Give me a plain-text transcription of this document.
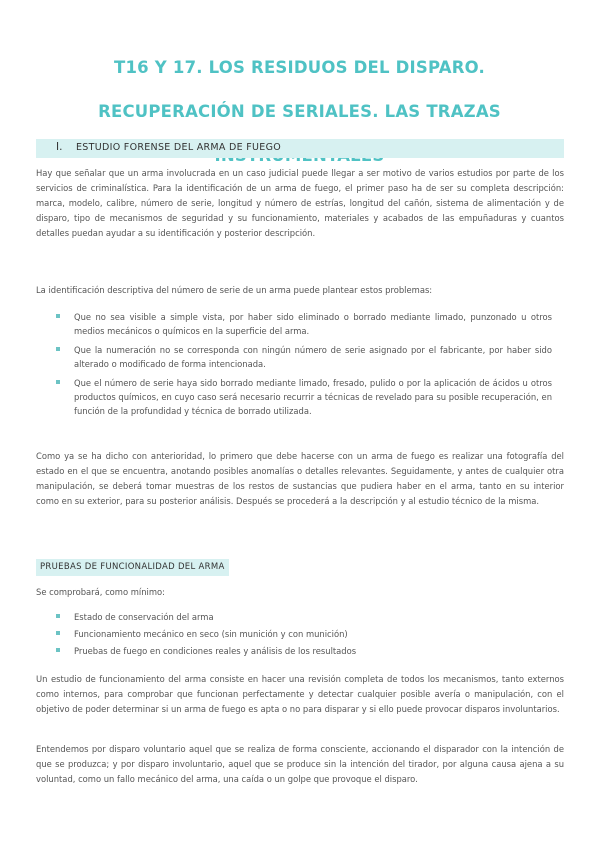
T16 Y 17. LOS RESIDUOS DEL DISPARO. RECUPERACIÓN DE SERIALES. LAS TRAZAS
I. ESTUDIO FORENSE DEL ARMA DE FUEGO
Hay que señalar que un arma involucrada en un caso judicial puede llegar a ser motivo de varios estudios por parte de los servicios de criminalística. Para la identificación de un arma de fuego, el primer paso ha de ser su completa descripción: marca, modelo, calibre, número de serie, longitud y número de estrías, longitud del cañón, sistema de alimentación y de disparo, tipo de mecanismos de seguridad y su funcionamiento, materiales y acabados de las empuñaduras y cuantos detalles puedan ayudar a su identificación y posterior descripción.
La identificación descriptiva del número de serie de un arma puede plantear estos problemas:
Que no sea visible a simple vista, por haber sido eliminado o borrado mediante limado, punzonado u otros medios mecánicos o químicos en la superficie del arma.
Que la numeración no se corresponda con ningún número de serie asignado por el fabricante, por haber sido alterado o modificado de forma intencionada.
Que el número de serie haya sido borrado mediante limado, fresado, pulido o por la aplicación de ácidos u otros productos químicos, en cuyo caso será necesario recurrir a técnicas de revelado para su posible recuperación, en función de la profundidad y técnica de borrado utilizada.
Como ya se ha dicho con anterioridad, lo primero que debe hacerse con un arma de fuego es realizar una fotografía del estado en el que se encuentra, anotando posibles anomalías o detalles relevantes. Seguidamente, y antes de cualquier otra manipulación, se deberá tomar muestras de los restos de sustancias que pudiera haber en el arma, tanto en su interior como en su exterior, para su posterior análisis. Después se procederá a la descripción y al estudio técnico de la misma.
PRUEBAS DE FUNCIONALIDAD DEL ARMA
Se comprobará, como mínimo:
Estado de conservación del arma
Funcionamiento mecánico en seco (sin munición y con munición)
Pruebas de fuego en condiciones reales y análisis de los resultados
Un estudio de funcionamiento del arma consiste en hacer una revisión completa de todos los mecanismos, tanto externos como internos, para comprobar que funcionan perfectamente y detectar cualquier posible avería o manipulación, con el objetivo de poder determinar si un arma de fuego es apta o no para disparar y si ello puede provocar disparos involuntarios.
Entendemos por disparo voluntario aquel que se realiza de forma consciente, accionando el disparador con la intención de que se produzca; y por disparo involuntario, aquel que se produce sin la intención del tirador, por alguna causa ajena a su voluntad, como un fallo mecánico del arma, una caída o un golpe que provoque el disparo.
